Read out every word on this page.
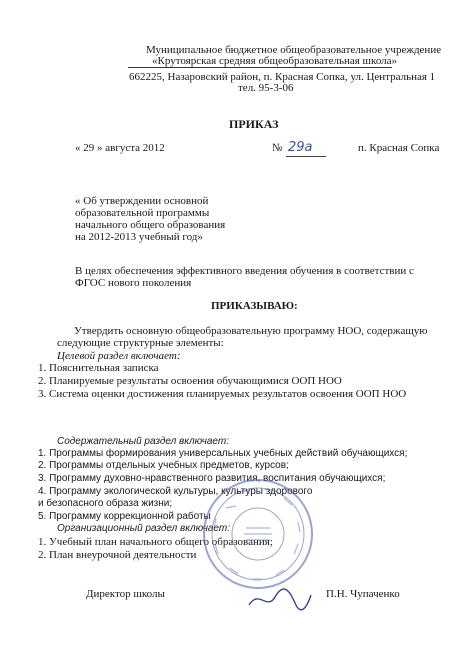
Муниципальное бюджетное общеобразовательное учреждение
«Крутоярская средняя общеобразовательная школа»
662225, Назаровский район, п. Красная Сопка, ул. Центральная 1
тел. 95-3-06
ПРИКАЗ
« 29 » августа 2012	№ 29а	п. Красная Сопка
« Об утверждении основной
образовательной программы
начального общего образования
на 2012-2013 учебный год»
В целях обеспечения эффективного введения обучения в соответствии с
ФГОС нового поколения
ПРИКАЗЫВАЮ:
Утвердить основную общеобразовательную программу НОО, содержащую
следующие структурные элементы:
Целевой раздел включает:
1. Пояснительная записка
2. Планируемые результаты освоения обучающимися ООП НОО
3. Система оценки достижения планируемых результатов освоения ООП НОО
Содержательный раздел включает:
1. Программы формирования универсальных учебных действий обучающихся;
2. Программы отдельных учебных предметов, курсов;
3. Программу духовно-нравственного развития, воспитания обучающихся;
4. Программу экологической культуры, культуры здорового
и безопасного образа жизни;
5. Программу коррекционной работы
Организационный раздел включает:
1. Учебный план начального общего образования;
2. План внеурочной деятельности
Директор школы	П.Н. Чупаченко
